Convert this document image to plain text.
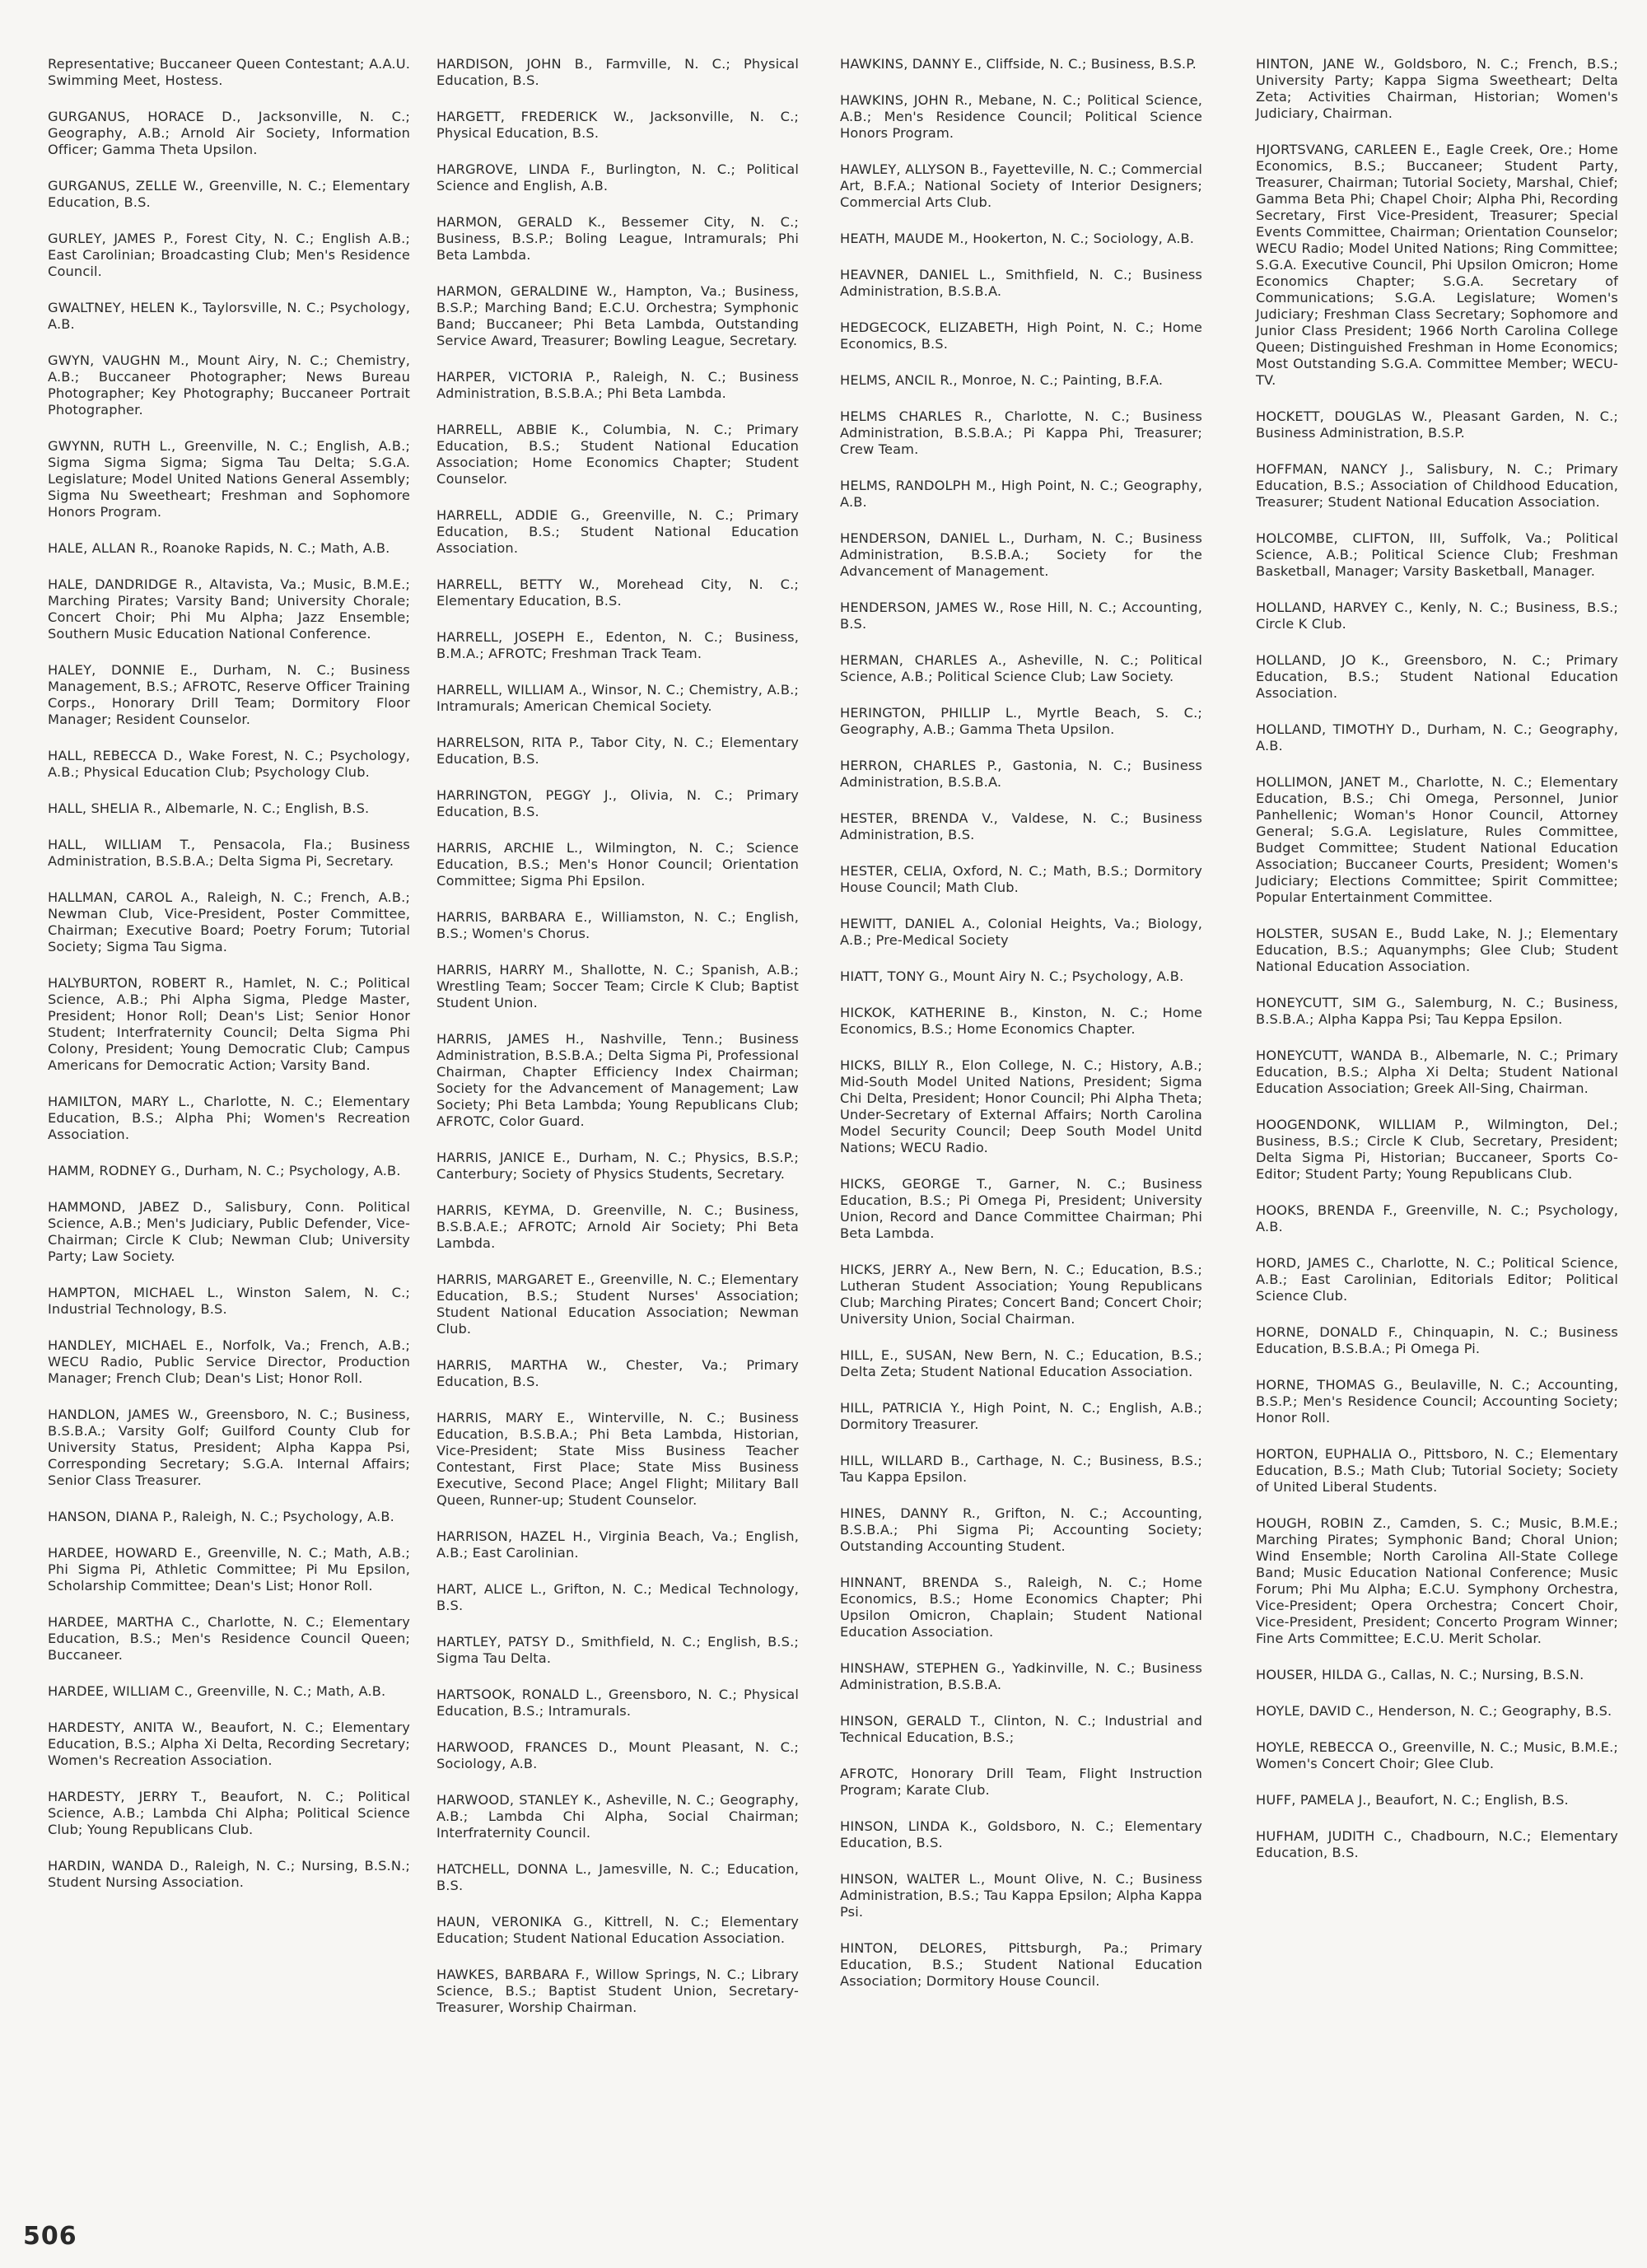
Representative; Buccaneer Queen Contestant; A.A.U. Swimming Meet, Hostess.

GURGANUS, HORACE D., Jacksonville, N. C.; Geography, A.B.; Arnold Air Society, Information Officer; Gamma Theta Upsilon.

GURGANUS, ZELLE W., Greenville, N. C.; Elementary Education, B.S.

GURLEY, JAMES P., Forest City, N. C.; English A.B.; East Carolinian; Broadcasting Club; Men's Residence Council.

GWALTNEY, HELEN K., Taylorsville, N. C.; Psychology, A.B.

GWYN, VAUGHN M., Mount Airy, N. C.; Chemistry, A.B.; Buccaneer Photographer; News Bureau Photographer; Key Photography; Buccaneer Portrait Photographer.

GWYNN, RUTH L., Greenville, N. C.; English, A.B.; Sigma Sigma Sigma; Sigma Tau Delta; S.G.A. Legislature; Model United Nations General Assembly; Sigma Nu Sweetheart; Freshman and Sophomore Honors Program.

HALE, ALLAN R., Roanoke Rapids, N. C.; Math, A.B.

HALE, DANDRIDGE R., Altavista, Va.; Music, B.M.E.; Marching Pirates; Varsity Band; University Chorale; Concert Choir; Phi Mu Alpha; Jazz Ensemble; Southern Music Education National Conference.

HALEY, DONNIE E., Durham, N. C.; Business Management, B.S.; AFROTC, Reserve Officer Training Corps., Honorary Drill Team; Dormitory Floor Manager; Resident Counselor.

HALL, REBECCA D., Wake Forest, N. C.; Psychology, A.B.; Physical Education Club; Psychology Club.

HALL, SHELIA R., Albemarle, N. C.; English, B.S.

HALL, WILLIAM T., Pensacola, Fla.; Business Administration, B.S.B.A.; Delta Sigma Pi, Secretary.

HALLMAN, CAROL A., Raleigh, N. C.; French, A.B.; Newman Club, Vice-President, Poster Committee, Chairman; Executive Board; Poetry Forum; Tutorial Society; Sigma Tau Sigma.

HALYBURTON, ROBERT R., Hamlet, N. C.; Political Science, A.B.; Phi Alpha Sigma, Pledge Master, President; Honor Roll; Dean's List; Senior Honor Student; Interfraternity Council; Delta Sigma Phi Colony, President; Young Democratic Club; Campus Americans for Democratic Action; Varsity Band.

HAMILTON, MARY L., Charlotte, N. C.; Elementary Education, B.S.; Alpha Phi; Women's Recreation Association.

HAMM, RODNEY G., Durham, N. C.; Psychology, A.B.

HAMMOND, JABEZ D., Salisbury, Conn. Political Science, A.B.; Men's Judiciary, Public Defender, Vice-Chairman; Circle K Club; Newman Club; University Party; Law Society.

HAMPTON, MICHAEL L., Winston Salem, N. C.; Industrial Technology, B.S.

HANDLEY, MICHAEL E., Norfolk, Va.; French, A.B.; WECU Radio, Public Service Director, Production Manager; French Club; Dean's List; Honor Roll.

HANDLON, JAMES W., Greensboro, N. C.; Business, B.S.B.A.; Varsity Golf; Guilford County Club for University Status, President; Alpha Kappa Psi, Corresponding Secretary; S.G.A. Internal Affairs; Senior Class Treasurer.

HANSON, DIANA P., Raleigh, N. C.; Psychology, A.B.

HARDEE, HOWARD E., Greenville, N. C.; Math, A.B.; Phi Sigma Pi, Athletic Committee; Pi Mu Epsilon, Scholarship Committee; Dean's List; Honor Roll.

HARDEE, MARTHA C., Charlotte, N. C.; Elementary Education, B.S.; Men's Residence Council Queen; Buccaneer.

HARDEE, WILLIAM C., Greenville, N. C.; Math, A.B.

HARDESTY, ANITA W., Beaufort, N. C.; Elementary Education, B.S.; Alpha Xi Delta, Recording Secretary; Women's Recreation Association.

HARDESTY, JERRY T., Beaufort, N. C.; Political Science, A.B.; Lambda Chi Alpha; Political Science Club; Young Republicans Club.

HARDIN, WANDA D., Raleigh, N. C.; Nursing, B.S.N.; Student Nursing Association.

HARDISON, JOHN B., Farmville, N. C.; Physical Education, B.S.

HARGETT, FREDERICK W., Jacksonville, N. C.; Physical Education, B.S.

HARGROVE, LINDA F., Burlington, N. C.; Political Science and English, A.B.

HARMON, GERALD K., Bessemer City, N. C.; Business, B.S.P.; Boling League, Intramurals; Phi Beta Lambda.

HARMON, GERALDINE W., Hampton, Va.; Business, B.S.P.; Marching Band; E.C.U. Orchestra; Symphonic Band; Buccaneer; Phi Beta Lambda, Outstanding Service Award, Treasurer; Bowling League, Secretary.

HARPER, VICTORIA P., Raleigh, N. C.; Business Administration, B.S.B.A.; Phi Beta Lambda.

HARRELL, ABBIE K., Columbia, N. C.; Primary Education, B.S.; Student National Education Association; Home Economics Chapter; Student Counselor.

HARRELL, ADDIE G., Greenville, N. C.; Primary Education, B.S.; Student National Education Association.

HARRELL, BETTY W., Morehead City, N. C.; Elementary Education, B.S.

HARRELL, JOSEPH E., Edenton, N. C.; Business, B.M.A.; AFROTC; Freshman Track Team.

HARRELL, WILLIAM A., Winsor, N. C.; Chemistry, A.B.; Intramurals; American Chemical Society.

HARRELSON, RITA P., Tabor City, N. C.; Elementary Education, B.S.

HARRINGTON, PEGGY J., Olivia, N. C.; Primary Education, B.S.

HARRIS, ARCHIE L., Wilmington, N. C.; Science Education, B.S.; Men's Honor Council; Orientation Committee; Sigma Phi Epsilon.

HARRIS, BARBARA E., Williamston, N. C.; English, B.S.; Women's Chorus.

HARRIS, HARRY M., Shallotte, N. C.; Spanish, A.B.; Wrestling Team; Soccer Team; Circle K Club; Baptist Student Union.

HARRIS, JAMES H., Nashville, Tenn.; Business Administration, B.S.B.A.; Delta Sigma Pi, Professional Chairman, Chapter Efficiency Index Chairman; Society for the Advancement of Management; Law Society; Phi Beta Lambda; Young Republicans Club; AFROTC, Color Guard.

HARRIS, JANICE E., Durham, N. C.; Physics, B.S.P.; Canterbury; Society of Physics Students, Secretary.

HARRIS, KEYMA, D. Greenville, N. C.; Business, B.S.B.A.E.; AFROTC; Arnold Air Society; Phi Beta Lambda.

HARRIS, MARGARET E., Greenville, N. C.; Elementary Education, B.S.; Student Nurses' Association; Student National Education Association; Newman Club.

HARRIS, MARTHA W., Chester, Va.; Primary Education, B.S.

HARRIS, MARY E., Winterville, N. C.; Business Education, B.S.B.A.; Phi Beta Lambda, Historian, Vice-President; State Miss Business Teacher Contestant, First Place; State Miss Business Executive, Second Place; Angel Flight; Military Ball Queen, Runner-up; Student Counselor.

HARRISON, HAZEL H., Virginia Beach, Va.; English, A.B.; East Carolinian.

HART, ALICE L., Grifton, N. C.; Medical Technology, B.S.

HARTLEY, PATSY D., Smithfield, N. C.; English, B.S.; Sigma Tau Delta.

HARTSOOK, RONALD L., Greensboro, N. C.; Physical Education, B.S.; Intramurals.

HARWOOD, FRANCES D., Mount Pleasant, N. C.; Sociology, A.B.

HARWOOD, STANLEY K., Asheville, N. C.; Geography, A.B.; Lambda Chi Alpha, Social Chairman; Interfraternity Council.

HATCHELL, DONNA L., Jamesville, N. C.; Education, B.S.

HAUN, VERONIKA G., Kittrell, N. C.; Elementary Education; Student National Education Association.

HAWKES, BARBARA F., Willow Springs, N. C.; Library Science, B.S.; Baptist Student Union, Secretary-Treasurer, Worship Chairman.

HAWKINS, DANNY E., Cliffside, N. C.; Business, B.S.P.

HAWKINS, JOHN R., Mebane, N. C.; Political Science, A.B.; Men's Residence Council; Political Science Honors Program.

HAWLEY, ALLYSON B., Fayetteville, N. C.; Commercial Art, B.F.A.; National Society of Interior Designers; Commercial Arts Club.

HEATH, MAUDE M., Hookerton, N. C.; Sociology, A.B.

HEAVNER, DANIEL L., Smithfield, N. C.; Business Administration, B.S.B.A.

HEDGECOCK, ELIZABETH, High Point, N. C.; Home Economics, B.S.

HELMS, ANCIL R., Monroe, N. C.; Painting, B.F.A.

HELMS CHARLES R., Charlotte, N. C.; Business Administration, B.S.B.A.; Pi Kappa Phi, Treasurer; Crew Team.

HELMS, RANDOLPH M., High Point, N. C.; Geography, A.B.

HENDERSON, DANIEL L., Durham, N. C.; Business Administration, B.S.B.A.; Society for the Advancement of Management.

HENDERSON, JAMES W., Rose Hill, N. C.; Accounting, B.S.

HERMAN, CHARLES A., Asheville, N. C.; Political Science, A.B.; Political Science Club; Law Society.

HERINGTON, PHILLIP L., Myrtle Beach, S. C.; Geography, A.B.; Gamma Theta Upsilon.

HERRON, CHARLES P., Gastonia, N. C.; Business Administration, B.S.B.A.

HESTER, BRENDA V., Valdese, N. C.; Business Administration, B.S.

HESTER, CELIA, Oxford, N. C.; Math, B.S.; Dormitory House Council; Math Club.

HEWITT, DANIEL A., Colonial Heights, Va.; Biology, A.B.; Pre-Medical Society

HIATT, TONY G., Mount Airy N. C.; Psychology, A.B.

HICKOK, KATHERINE B., Kinston, N. C.; Home Economics, B.S.; Home Economics Chapter.

HICKS, BILLY R., Elon College, N. C.; History, A.B.; Mid-South Model United Nations, President; Sigma Chi Delta, President; Honor Council; Phi Alpha Theta; Under-Secretary of External Affairs; North Carolina Model Security Council; Deep South Model Unitd Nations; WECU Radio.

HICKS, GEORGE T., Garner, N. C.; Business Education, B.S.; Pi Omega Pi, President; University Union, Record and Dance Committee Chairman; Phi Beta Lambda.

HICKS, JERRY A., New Bern, N. C.; Education, B.S.; Lutheran Student Association; Young Republicans Club; Marching Pirates; Concert Band; Concert Choir; University Union, Social Chairman.

HILL, E., SUSAN, New Bern, N. C.; Education, B.S.; Delta Zeta; Student National Education Association.

HILL, PATRICIA Y., High Point, N. C.; English, A.B.; Dormitory Treasurer.

HILL, WILLARD B., Carthage, N. C.; Business, B.S.; Tau Kappa Epsilon.

HINES, DANNY R., Grifton, N. C.; Accounting, B.S.B.A.; Phi Sigma Pi; Accounting Society; Outstanding Accounting Student.

HINNANT, BRENDA S., Raleigh, N. C.; Home Economics, B.S.; Home Economics Chapter; Phi Upsilon Omicron, Chaplain; Student National Education Association.

HINSHAW, STEPHEN G., Yadkinville, N. C.; Business Administration, B.S.B.A.

HINSON, GERALD T., Clinton, N. C.; Industrial and Technical Education, B.S.;

AFROTC, Honorary Drill Team, Flight Instruction Program; Karate Club.

HINSON, LINDA K., Goldsboro, N. C.; Elementary Education, B.S.

HINSON, WALTER L., Mount Olive, N. C.; Business Administration, B.S.; Tau Kappa Epsilon; Alpha Kappa Psi.

HINTON, DELORES, Pittsburgh, Pa.; Primary Education, B.S.; Student National Education Association; Dormitory House Council.

HINTON, JANE W., Goldsboro, N. C.; French, B.S.; University Party; Kappa Sigma Sweetheart; Delta Zeta; Activities Chairman, Historian; Women's Judiciary, Chairman.

HJORTSVANG, CARLEEN E., Eagle Creek, Ore.; Home Economics, B.S.; Buccaneer; Student Party, Treasurer, Chairman; Tutorial Society, Marshal, Chief; Gamma Beta Phi; Chapel Choir; Alpha Phi, Recording Secretary, First Vice-President, Treasurer; Special Events Committee, Chairman; Orientation Counselor; WECU Radio; Model United Nations; Ring Committee; S.G.A. Executive Council, Phi Upsilon Omicron; Home Economics Chapter; S.G.A. Secretary of Communications; S.G.A. Legislature; Women's Judiciary; Freshman Class Secretary; Sophomore and Junior Class President; 1966 North Carolina College Queen; Distinguished Freshman in Home Economics; Most Outstanding S.G.A. Committee Member; WECU-TV.

HOCKETT, DOUGLAS W., Pleasant Garden, N. C.; Business Administration, B.S.P.

HOFFMAN, NANCY J., Salisbury, N. C.; Primary Education, B.S.; Association of Childhood Education, Treasurer; Student National Education Association.

HOLCOMBE, CLIFTON, III, Suffolk, Va.; Political Science, A.B.; Political Science Club; Freshman Basketball, Manager; Varsity Basketball, Manager.

HOLLAND, HARVEY C., Kenly, N. C.; Business, B.S.; Circle K Club.

HOLLAND, JO K., Greensboro, N. C.; Primary Education, B.S.; Student National Education Association.

HOLLAND, TIMOTHY D., Durham, N. C.; Geography, A.B.

HOLLIMON, JANET M., Charlotte, N. C.; Elementary Education, B.S.; Chi Omega, Personnel, Junior Panhellenic; Woman's Honor Council, Attorney General; S.G.A. Legislature, Rules Committee, Budget Committee; Student National Education Association; Buccaneer Courts, President; Women's Judiciary; Elections Committee; Spirit Committee; Popular Entertainment Committee.

HOLSTER, SUSAN E., Budd Lake, N. J.; Elementary Education, B.S.; Aquanymphs; Glee Club; Student National Education Association.

HONEYCUTT, SIM G., Salemburg, N. C.; Business, B.S.B.A.; Alpha Kappa Psi; Tau Keppa Epsilon.

HONEYCUTT, WANDA B., Albemarle, N. C.; Primary Education, B.S.; Alpha Xi Delta; Student National Education Association; Greek All-Sing, Chairman.

HOOGENDONK, WILLIAM P., Wilmington, Del.; Business, B.S.; Circle K Club, Secretary, President; Delta Sigma Pi, Historian; Buccaneer, Sports Co-Editor; Student Party; Young Republicans Club.

HOOKS, BRENDA F., Greenville, N. C.; Psychology, A.B.

HORD, JAMES C., Charlotte, N. C.; Political Science, A.B.; East Carolinian, Editorials Editor; Political Science Club.

HORNE, DONALD F., Chinquapin, N. C.; Business Education, B.S.B.A.; Pi Omega Pi.

HORNE, THOMAS G., Beulaville, N. C.; Accounting, B.S.P.; Men's Residence Council; Accounting Society; Honor Roll.

HORTON, EUPHALIA O., Pittsboro, N. C.; Elementary Education, B.S.; Math Club; Tutorial Society; Society of United Liberal Students.

HOUGH, ROBIN Z., Camden, S. C.; Music, B.M.E.; Marching Pirates; Symphonic Band; Choral Union; Wind Ensemble; North Carolina All-State College Band; Music Education National Conference; Music Forum; Phi Mu Alpha; E.C.U. Symphony Orchestra, Vice-President; Opera Orchestra; Concert Choir, Vice-President, President; Concerto Program Winner; Fine Arts Committee; E.C.U. Merit Scholar.

HOUSER, HILDA G., Callas, N. C.; Nursing, B.S.N.

HOYLE, DAVID C., Henderson, N. C.; Geography, B.S.

HOYLE, REBECCA O., Greenville, N. C.; Music, B.M.E.; Women's Concert Choir; Glee Club.

HUFF, PAMELA J., Beaufort, N. C.; English, B.S.

HUFHAM, JUDITH C., Chadbourn, N.C.; Elementary Education, B.S.

506
